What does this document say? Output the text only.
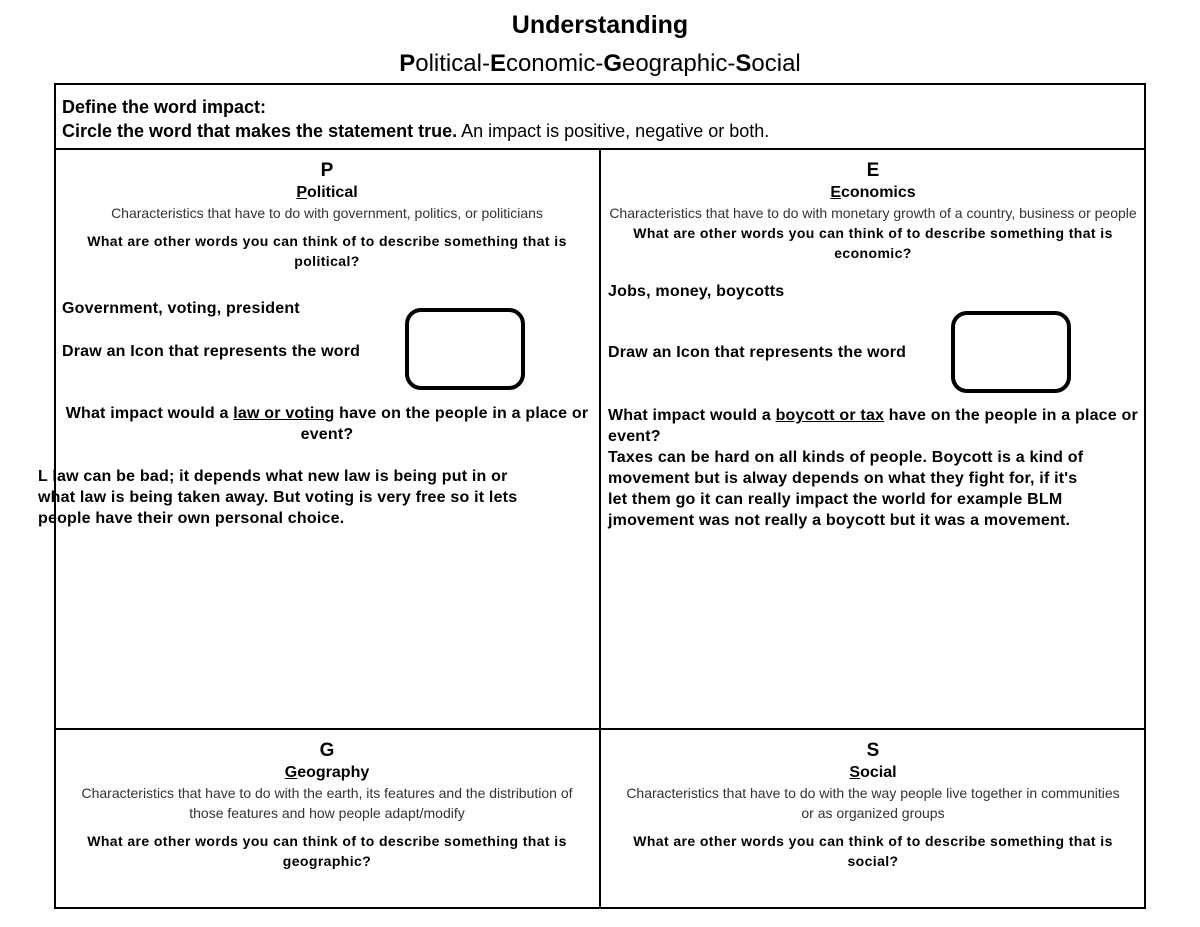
Understanding
Political-Economic-Geographic-Social
Define the word impact:
Circle the word that makes the statement true. An impact is positive, negative or both.
P
Political
Characteristics that have to do with government, politics, or politicians
What are other words you can think of to describe something that is political?
Government, voting, president
Draw an Icon that represents the word
What impact would a law or voting have on the people in a place or event?
L law can be bad; it depends what new law is being put in or
what law is being taken away. But voting is very free so it lets
people have their own personal choice.
E
Economics
Characteristics that have to do with monetary growth of a country, business or people
What are other words you can think of to describe something that is economic?
Jobs, money, boycotts
Draw an Icon that represents the word
What impact would a boycott or tax have on the people in a place or event?
Taxes can be hard on all kinds of people. Boycott is a kind of
movement but is alway depends on what they fight for, if it's
let them go it can really impact the world for example BLM
jmovement was not really a boycott but it was a movement.
G
Geography
Characteristics that have to do with the earth, its features and the distribution of those features and how people adapt/modify
What are other words you can think of to describe something that is geographic?
S
Social
Characteristics that have to do with the way people live together in communities or as organized groups
What are other words you can think of to describe something that is social?
